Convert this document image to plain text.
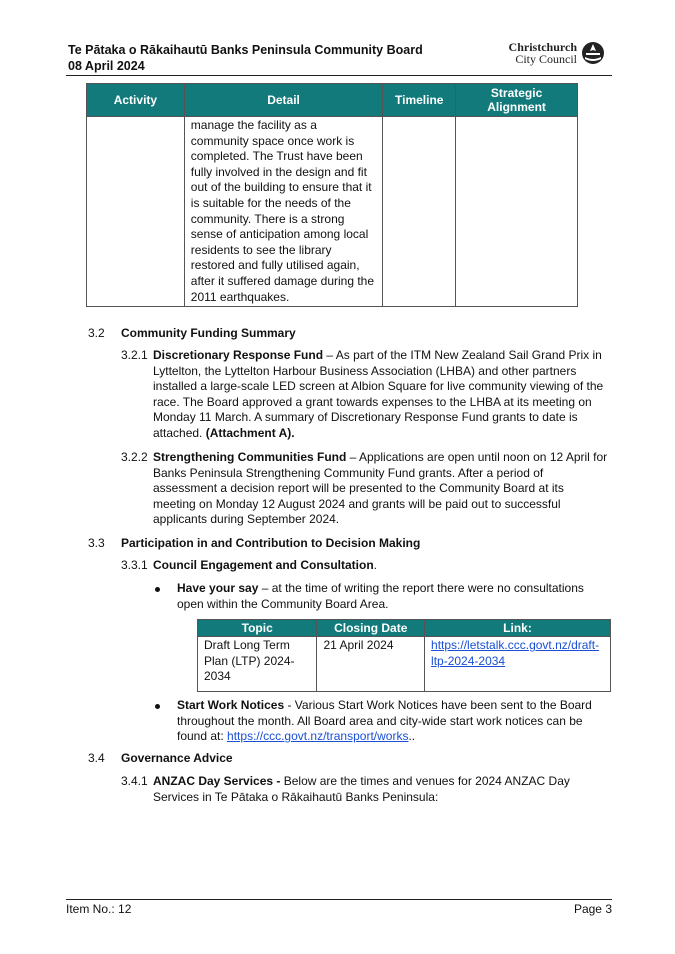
Te Pātaka o Rākaihautū Banks Peninsula Community Board
08 April 2024
Christchurch
City Council
Activity	Detail	Timeline	Strategic Alignment
	manage the facility as a community space once work is completed. The Trust have been fully involved in the design and fit out of the building to ensure that it is suitable for the needs of the community. There is a strong sense of anticipation among local residents to see the library restored and fully utilised again, after it suffered damage during the 2011 earthquakes.		
3.2 Community Funding Summary
3.2.1 Discretionary Response Fund – As part of the ITM New Zealand Sail Grand Prix in Lyttelton, the Lyttelton Harbour Business Association (LHBA) and other partners installed a large-scale LED screen at Albion Square for live community viewing of the race. The Board approved a grant towards expenses to the LHBA at its meeting on Monday 11 March. A summary of Discretionary Response Fund grants to date is attached. (Attachment A).
3.2.2 Strengthening Communities Fund – Applications are open until noon on 12 April for Banks Peninsula Strengthening Community Fund grants. After a period of assessment a decision report will be presented to the Community Board at its meeting on Monday 12 August 2024 and grants will be paid out to successful applicants during September 2024.
3.3 Participation in and Contribution to Decision Making
3.3.1 Council Engagement and Consultation.
Have your say – at the time of writing the report there were no consultations open within the Community Board Area.
Topic	Closing Date	Link:
Draft Long Term Plan (LTP) 2024-2034	21 April 2024	https://letstalk.ccc.govt.nz/draft-ltp-2024-2034
Start Work Notices - Various Start Work Notices have been sent to the Board throughout the month. All Board area and city-wide start work notices can be found at: https://ccc.govt.nz/transport/works..
3.4 Governance Advice
3.4.1 ANZAC Day Services - Below are the times and venues for 2024 ANZAC Day Services in Te Pātaka o Rākaihautū Banks Peninsula:
Item No.: 12	Page 3
